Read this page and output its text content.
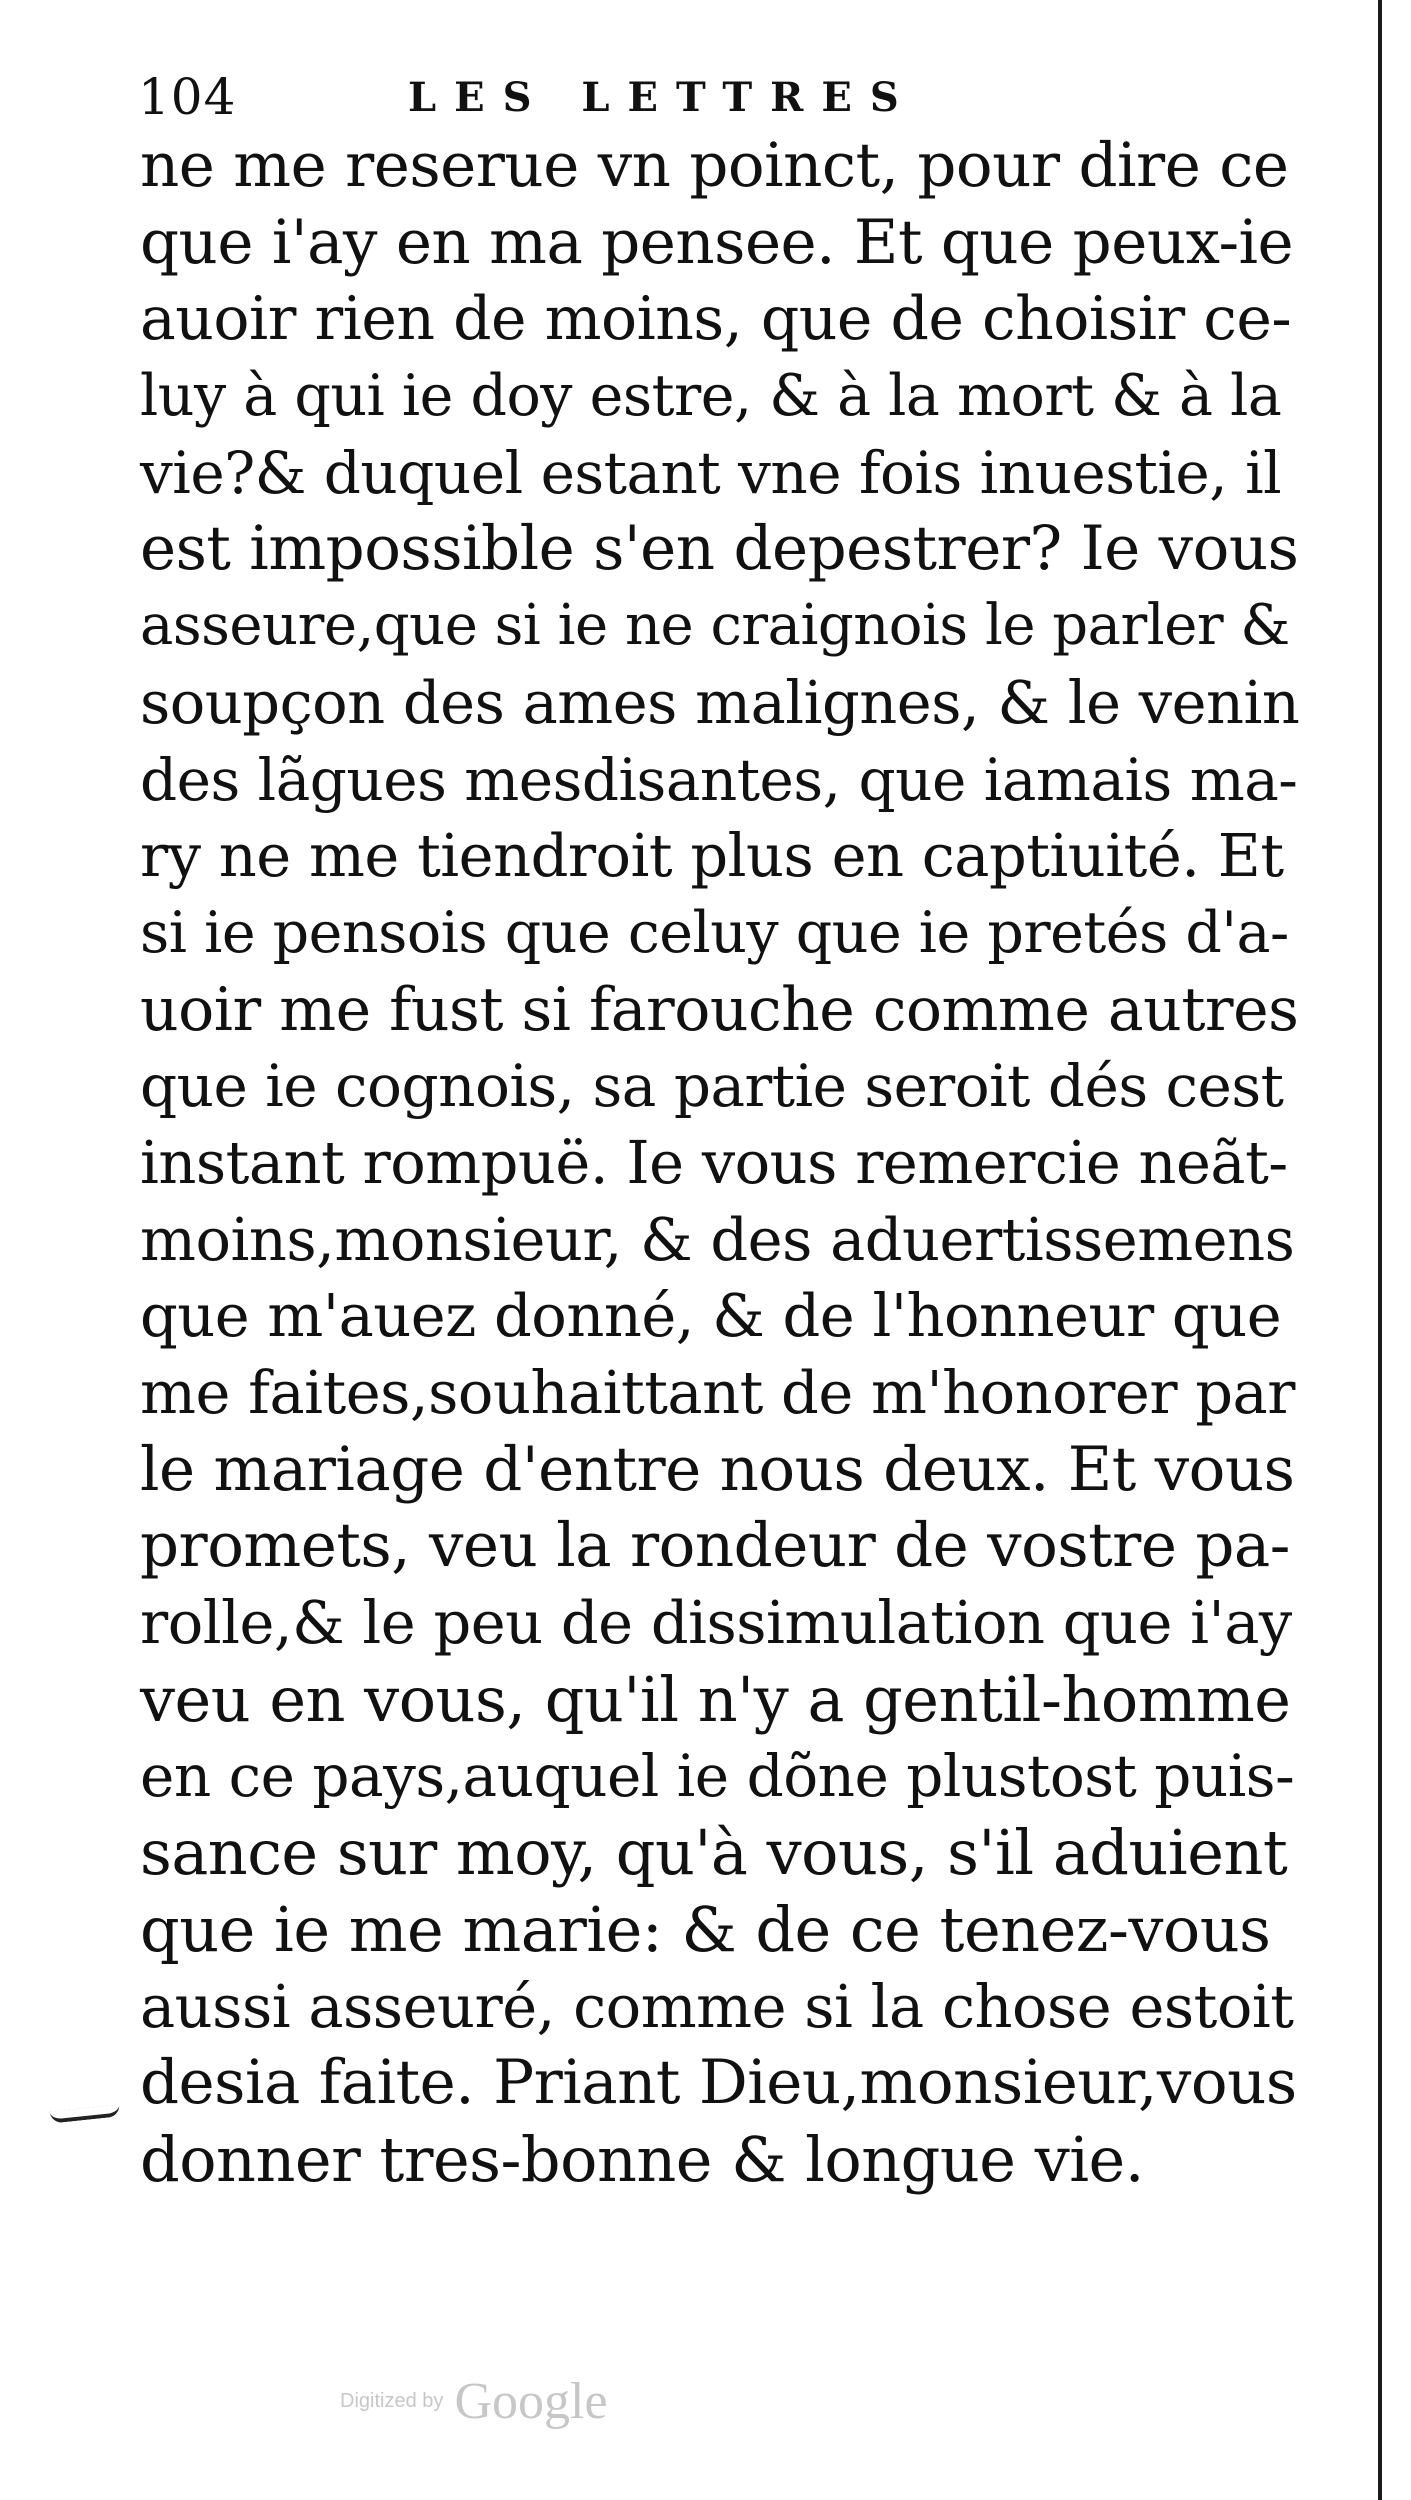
104	LES LETTRES
ne me reserue vn poinct, pour dire ce
que i'ay en ma pensee. Et que peux-ie
auoir rien de moins, que de choisir ce-
luy à qui ie doy estre, & à la mort & à la
vie?& duquel estant vne fois inuestie, il
est impossible s'en depestrer? Ie vous
asseure,que si ie ne craignois le parler &
soupçon des ames malignes, & le venin
des lãgues mesdisantes, que iamais ma-
ry ne me tiendroit plus en captiuité. Et
si ie pensois que celuy que ie pretés d'a-
uoir me fust si farouche comme autres
que ie cognois, sa partie seroit dés cest
instant rompuë. Ie vous remercie neãt-
moins,monsieur, & des aduertissemens
que m'auez donné, & de l'honneur que
me faites,souhaittant de m'honorer par
le mariage d'entre nous deux. Et vous
promets, veu la rondeur de vostre pa-
rolle,& le peu de dissimulation que i'ay
veu en vous, qu'il n'y a gentil-homme
en ce pays,auquel ie dõne plustost puis-
sance sur moy, qu'à vous, s'il aduient
que ie me marie: & de ce tenez-vous
aussi asseuré, comme si la chose estoit
desia faite. Priant Dieu,monsieur,vous
donner tres-bonne & longue vie.
Digitized by Google
